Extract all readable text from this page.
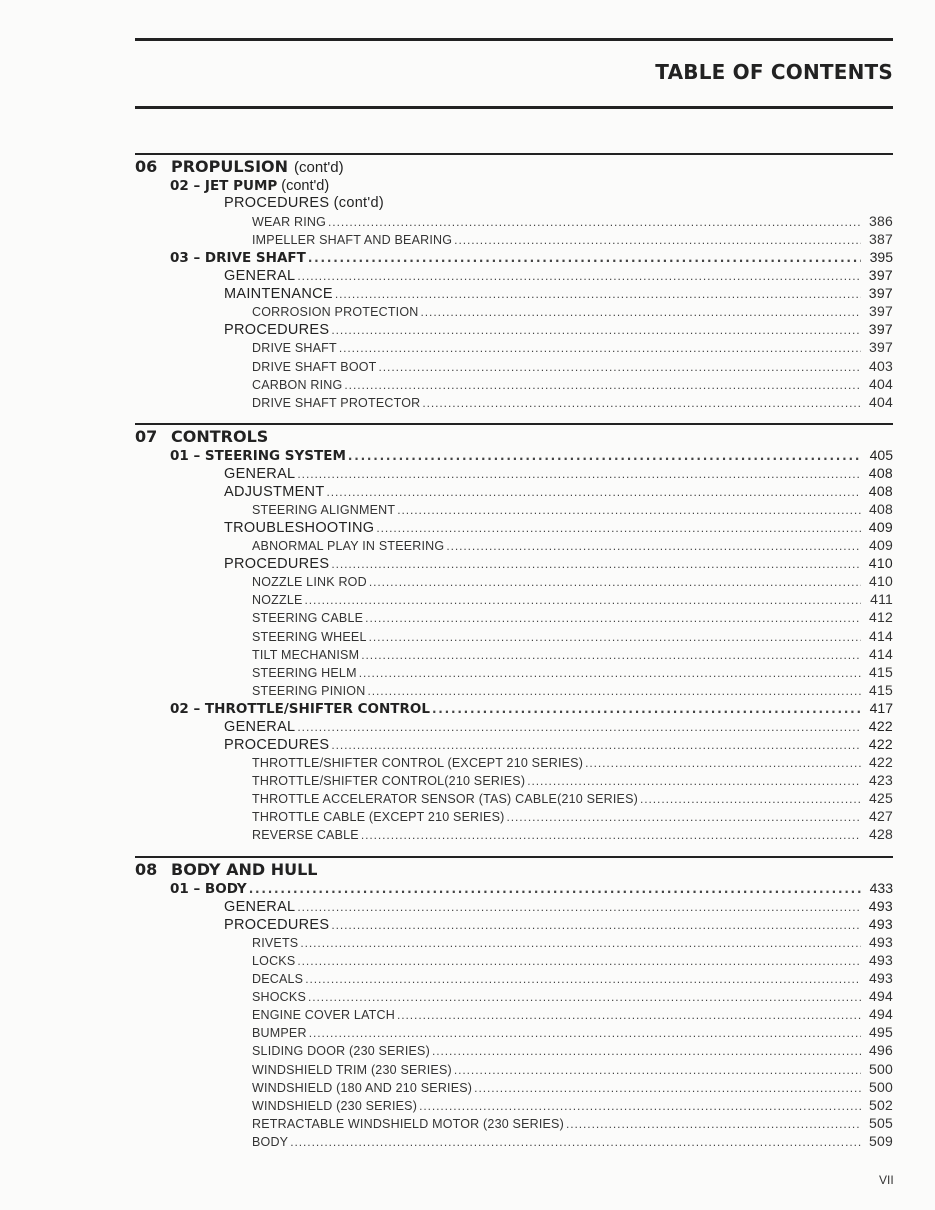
TABLE OF CONTENTS
06 PROPULSION (cont'd)
02 – JET PUMP (cont'd)
PROCEDURES (cont'd)
WEAR RING . . .	386
IMPELLER SHAFT AND BEARING . . .	387
03 – DRIVE SHAFT . . .	395
GENERAL . . .	397
MAINTENANCE . . .	397
CORROSION PROTECTION . . .	397
PROCEDURES . . .	397
DRIVE SHAFT . . .	397
DRIVE SHAFT BOOT . . .	403
CARBON RING . . .	404
DRIVE SHAFT PROTECTOR . . .	404
07 CONTROLS
01 – STEERING SYSTEM . . .	405
GENERAL . . .	408
ADJUSTMENT . . .	408
STEERING ALIGNMENT . . .	408
TROUBLESHOOTING . . .	409
ABNORMAL PLAY IN STEERING . . .	409
PROCEDURES . . .	410
NOZZLE LINK ROD . . .	410
NOZZLE . . .	411
STEERING CABLE . . .	412
STEERING WHEEL . . .	414
TILT MECHANISM . . .	414
STEERING HELM . . .	415
STEERING PINION . . .	415
02 – THROTTLE/SHIFTER CONTROL . . .	417
GENERAL . . .	422
PROCEDURES . . .	422
THROTTLE/SHIFTER CONTROL (EXCEPT 210 SERIES) . . .	422
THROTTLE/SHIFTER CONTROL(210 SERIES) . . .	423
THROTTLE ACCELERATOR SENSOR (TAS) CABLE(210 SERIES) . . .	425
THROTTLE CABLE (EXCEPT 210 SERIES) . . .	427
REVERSE CABLE . . .	428
08 BODY AND HULL
01 – BODY . . .	433
GENERAL . . .	493
PROCEDURES . . .	493
RIVETS . . .	493
LOCKS . . .	493
DECALS . . .	493
SHOCKS . . .	494
ENGINE COVER LATCH . . .	494
BUMPER . . .	495
SLIDING DOOR (230 SERIES) . . .	496
WINDSHIELD TRIM (230 SERIES) . . .	500
WINDSHIELD (180 AND 210 SERIES) . . .	500
WINDSHIELD (230 SERIES) . . .	502
RETRACTABLE WINDSHIELD MOTOR (230 SERIES) . . .	505
BODY . . .	509
VII
